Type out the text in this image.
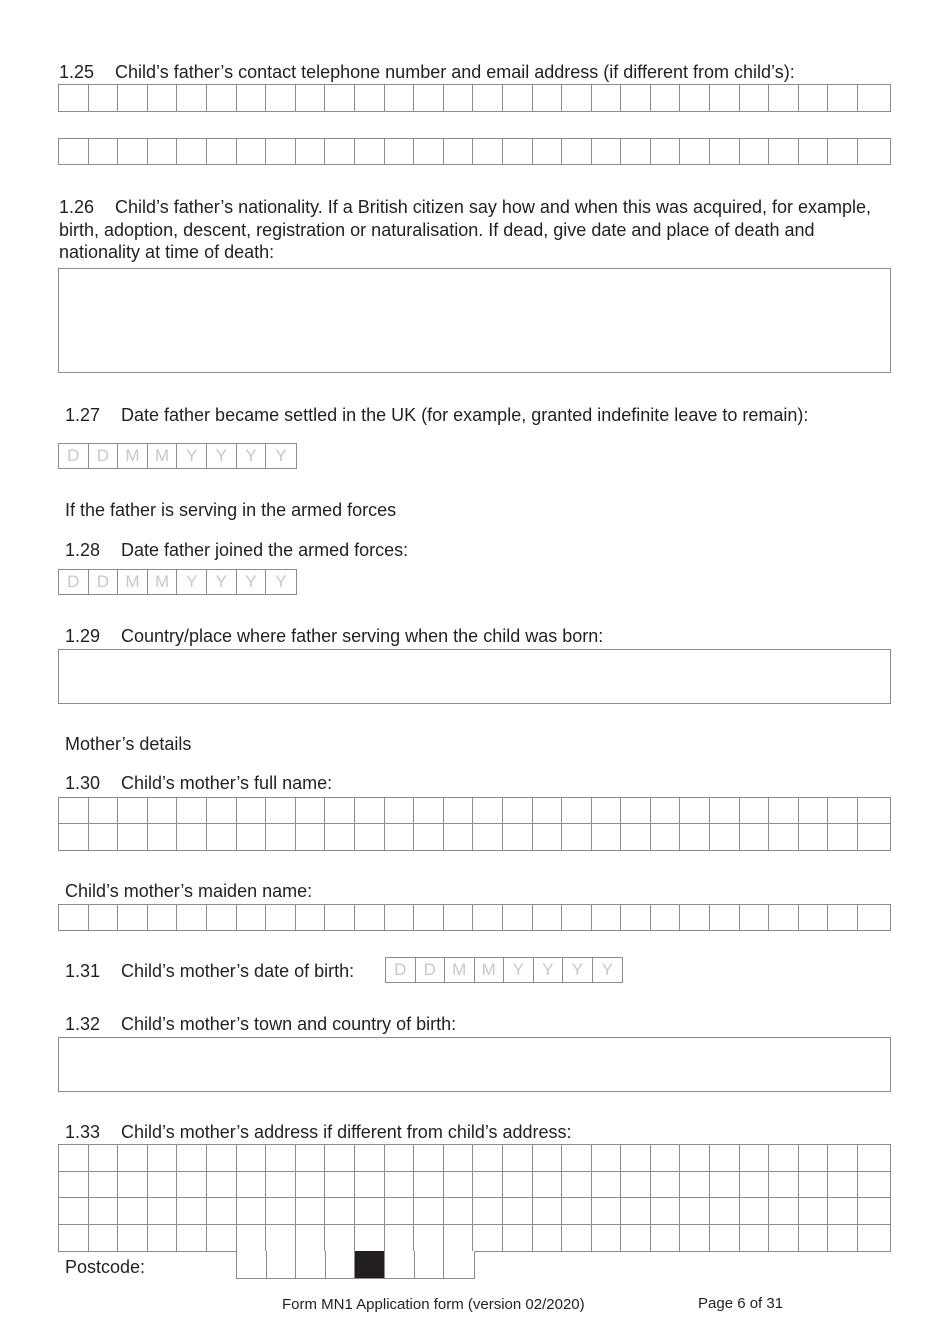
1.25 Child’s father’s contact telephone number and email address (if different from child’s):
1.26 Child’s father’s nationality. If a British citizen say how and when this was acquired, for example, birth, adoption, descent, registration or naturalisation. If dead, give date and place of death and nationality at time of death:
1.27 Date father became settled in the UK (for example, granted indefinite leave to remain):
D	D M M Y	Y	Y	Y
If the father is serving in the armed forces
1.28 Date father joined the armed forces:
D	D M M Y	Y	Y	Y
1.29 Country/place where father serving when the child was born:
Mother’s details
1.30 Child’s mother’s full name:
Child’s mother’s maiden name:
1.31 Child’s mother’s date of birth:	D	D M M Y	Y	Y	Y
1.32 Child’s mother’s town and country of birth:
1.33 Child’s mother’s address if different from child’s address:
Postcode:
Form MN1 Application form (version 02/2020)	Page 6 of 31
